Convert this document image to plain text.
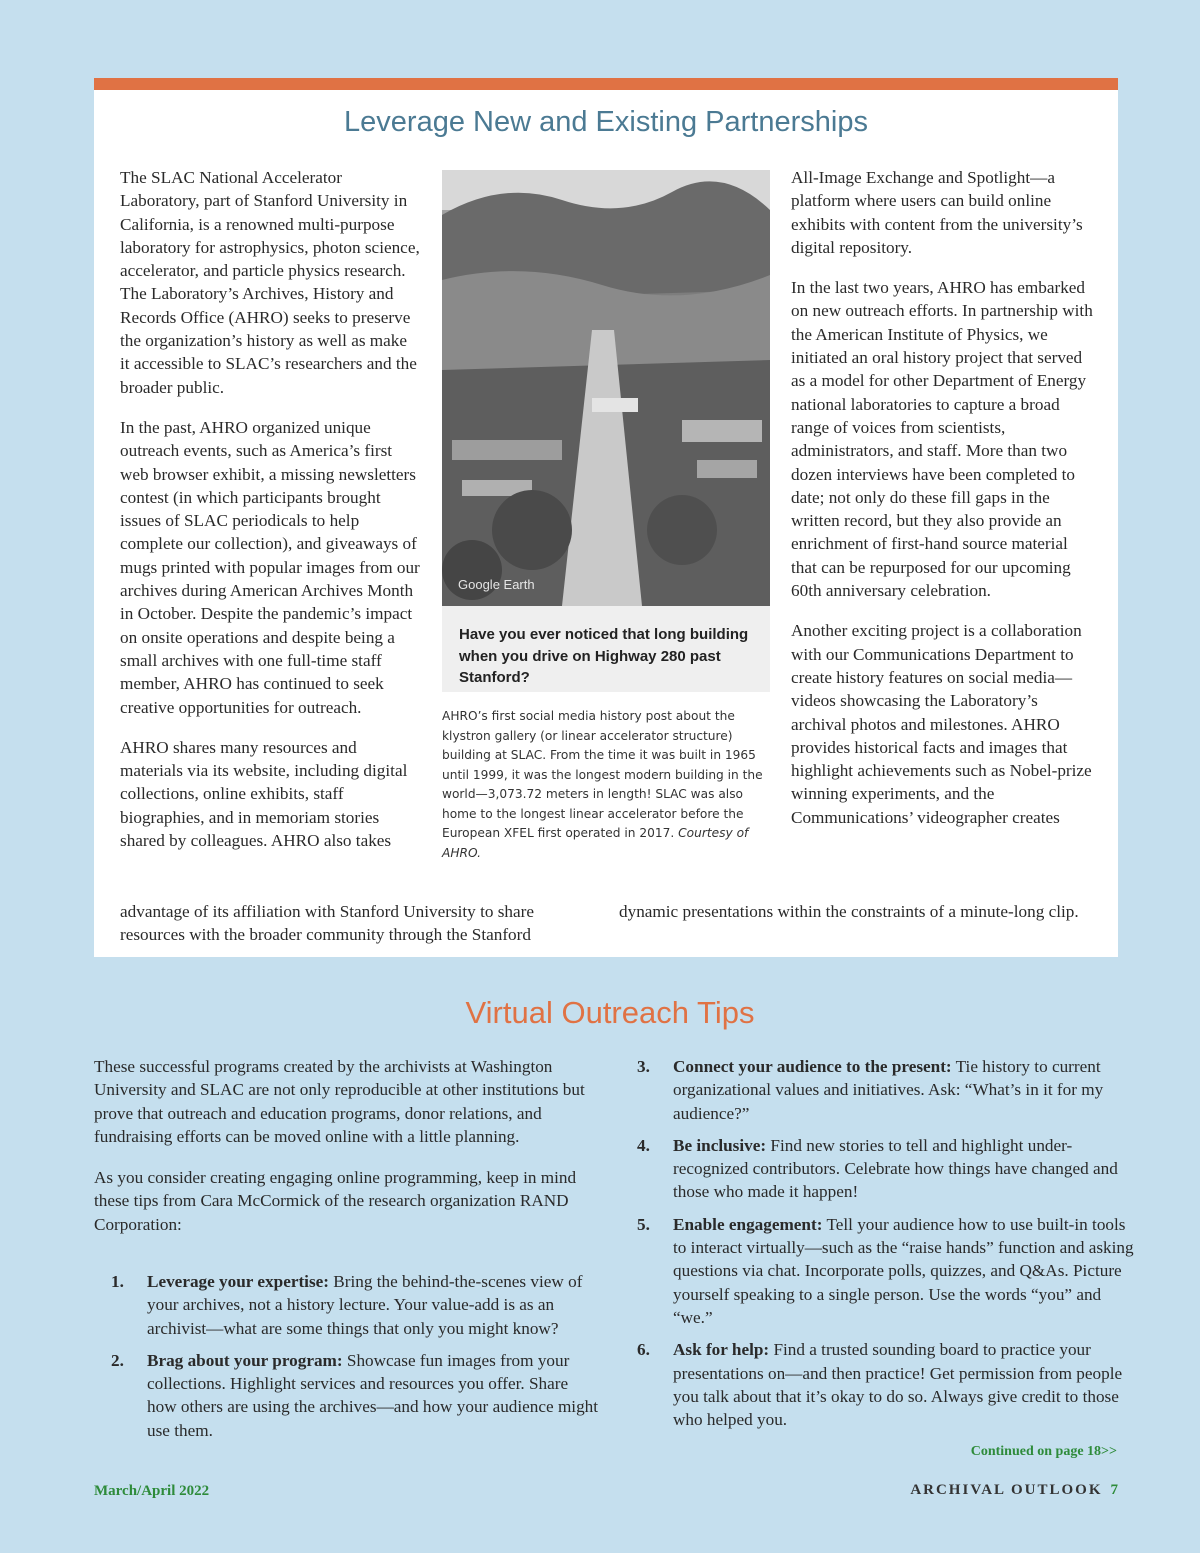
Leverage New and Existing Partnerships

The SLAC National Accelerator Laboratory, part of Stanford University in California, is a renowned multi-purpose laboratory for astrophysics, photon science, accelerator, and particle physics research. The Laboratory’s Archives, History and Records Office (AHRO) seeks to preserve the organization’s history as well as make it accessible to SLAC’s researchers and the broader public.

In the past, AHRO organized unique outreach events, such as America’s first web browser exhibit, a missing newsletters contest (in which participants brought issues of SLAC periodicals to help complete our collection), and giveaways of mugs printed with popular images from our archives during American Archives Month in October. Despite the pandemic’s impact on onsite operations and despite being a small archives with one full-time staff member, AHRO has continued to seek creative opportunities for outreach.

AHRO shares many resources and materials via its website, including digital collections, online exhibits, staff biographies, and in memoriam stories shared by colleagues. AHRO also takes

advantage of its affiliation with Stanford University to share resources with the broader community through the Stanford
Google Earth
Have you ever noticed that long building when you drive on Highway 280 past Stanford?
AHRO’s first social media history post about the klystron gallery (or linear accelerator structure) building at SLAC. From the time it was built in 1965 until 1999, it was the longest modern building in the world—3,073.72 meters in length! SLAC was also home to the longest linear accelerator before the European XFEL first operated in 2017. Courtesy of AHRO.

All-Image Exchange and Spotlight—a platform where users can build online exhibits with content from the university’s digital repository.

In the last two years, AHRO has embarked on new outreach efforts. In partnership with the American Institute of Physics, we initiated an oral history project that served as a model for other Department of Energy national laboratories to capture a broad range of voices from scientists, administrators, and staff. More than two dozen interviews have been completed to date; not only do these fill gaps in the written record, but they also provide an enrichment of first-hand source material that can be repurposed for our upcoming 60th anniversary celebration.

Another exciting project is a collaboration with our Communications Department to create history features on social media—videos showcasing the Laboratory’s archival photos and milestones. AHRO provides historical facts and images that highlight achievements such as Nobel-prize winning experiments, and the Communications’ videographer creates

dynamic presentations within the constraints of a minute-long clip.
Virtual Outreach Tips

These successful programs created by the archivists at Washington University and SLAC are not only reproducible at other institutions but prove that outreach and education programs, donor relations, and fundraising efforts can be moved online with a little planning.

As you consider creating engaging online programming, keep in mind these tips from Cara McCormick of the research organization RAND Corporation:

1. Leverage your expertise: Bring the behind-the-scenes view of your archives, not a history lecture. Your value-add is as an archivist—what are some things that only you might know?
2. Brag about your program: Showcase fun images from your collections. Highlight services and resources you offer. Share how others are using the archives—and how your audience might use them.
3. Connect your audience to the present: Tie history to current organizational values and initiatives. Ask: “What’s in it for my audience?”
4. Be inclusive: Find new stories to tell and highlight under-recognized contributors. Celebrate how things have changed and those who made it happen!
5. Enable engagement: Tell your audience how to use built-in tools to interact virtually—such as the “raise hands” function and asking questions via chat. Incorporate polls, quizzes, and Q&As. Picture yourself speaking to a single person. Use the words “you” and “we.”
6. Ask for help: Find a trusted sounding board to practice your presentations on—and then practice! Get permission from people you talk about that it’s okay to do so. Always give credit to those who helped you.
Continued on page 18>>
March/April 2022	ARCHIVAL OUTLOOK 7
